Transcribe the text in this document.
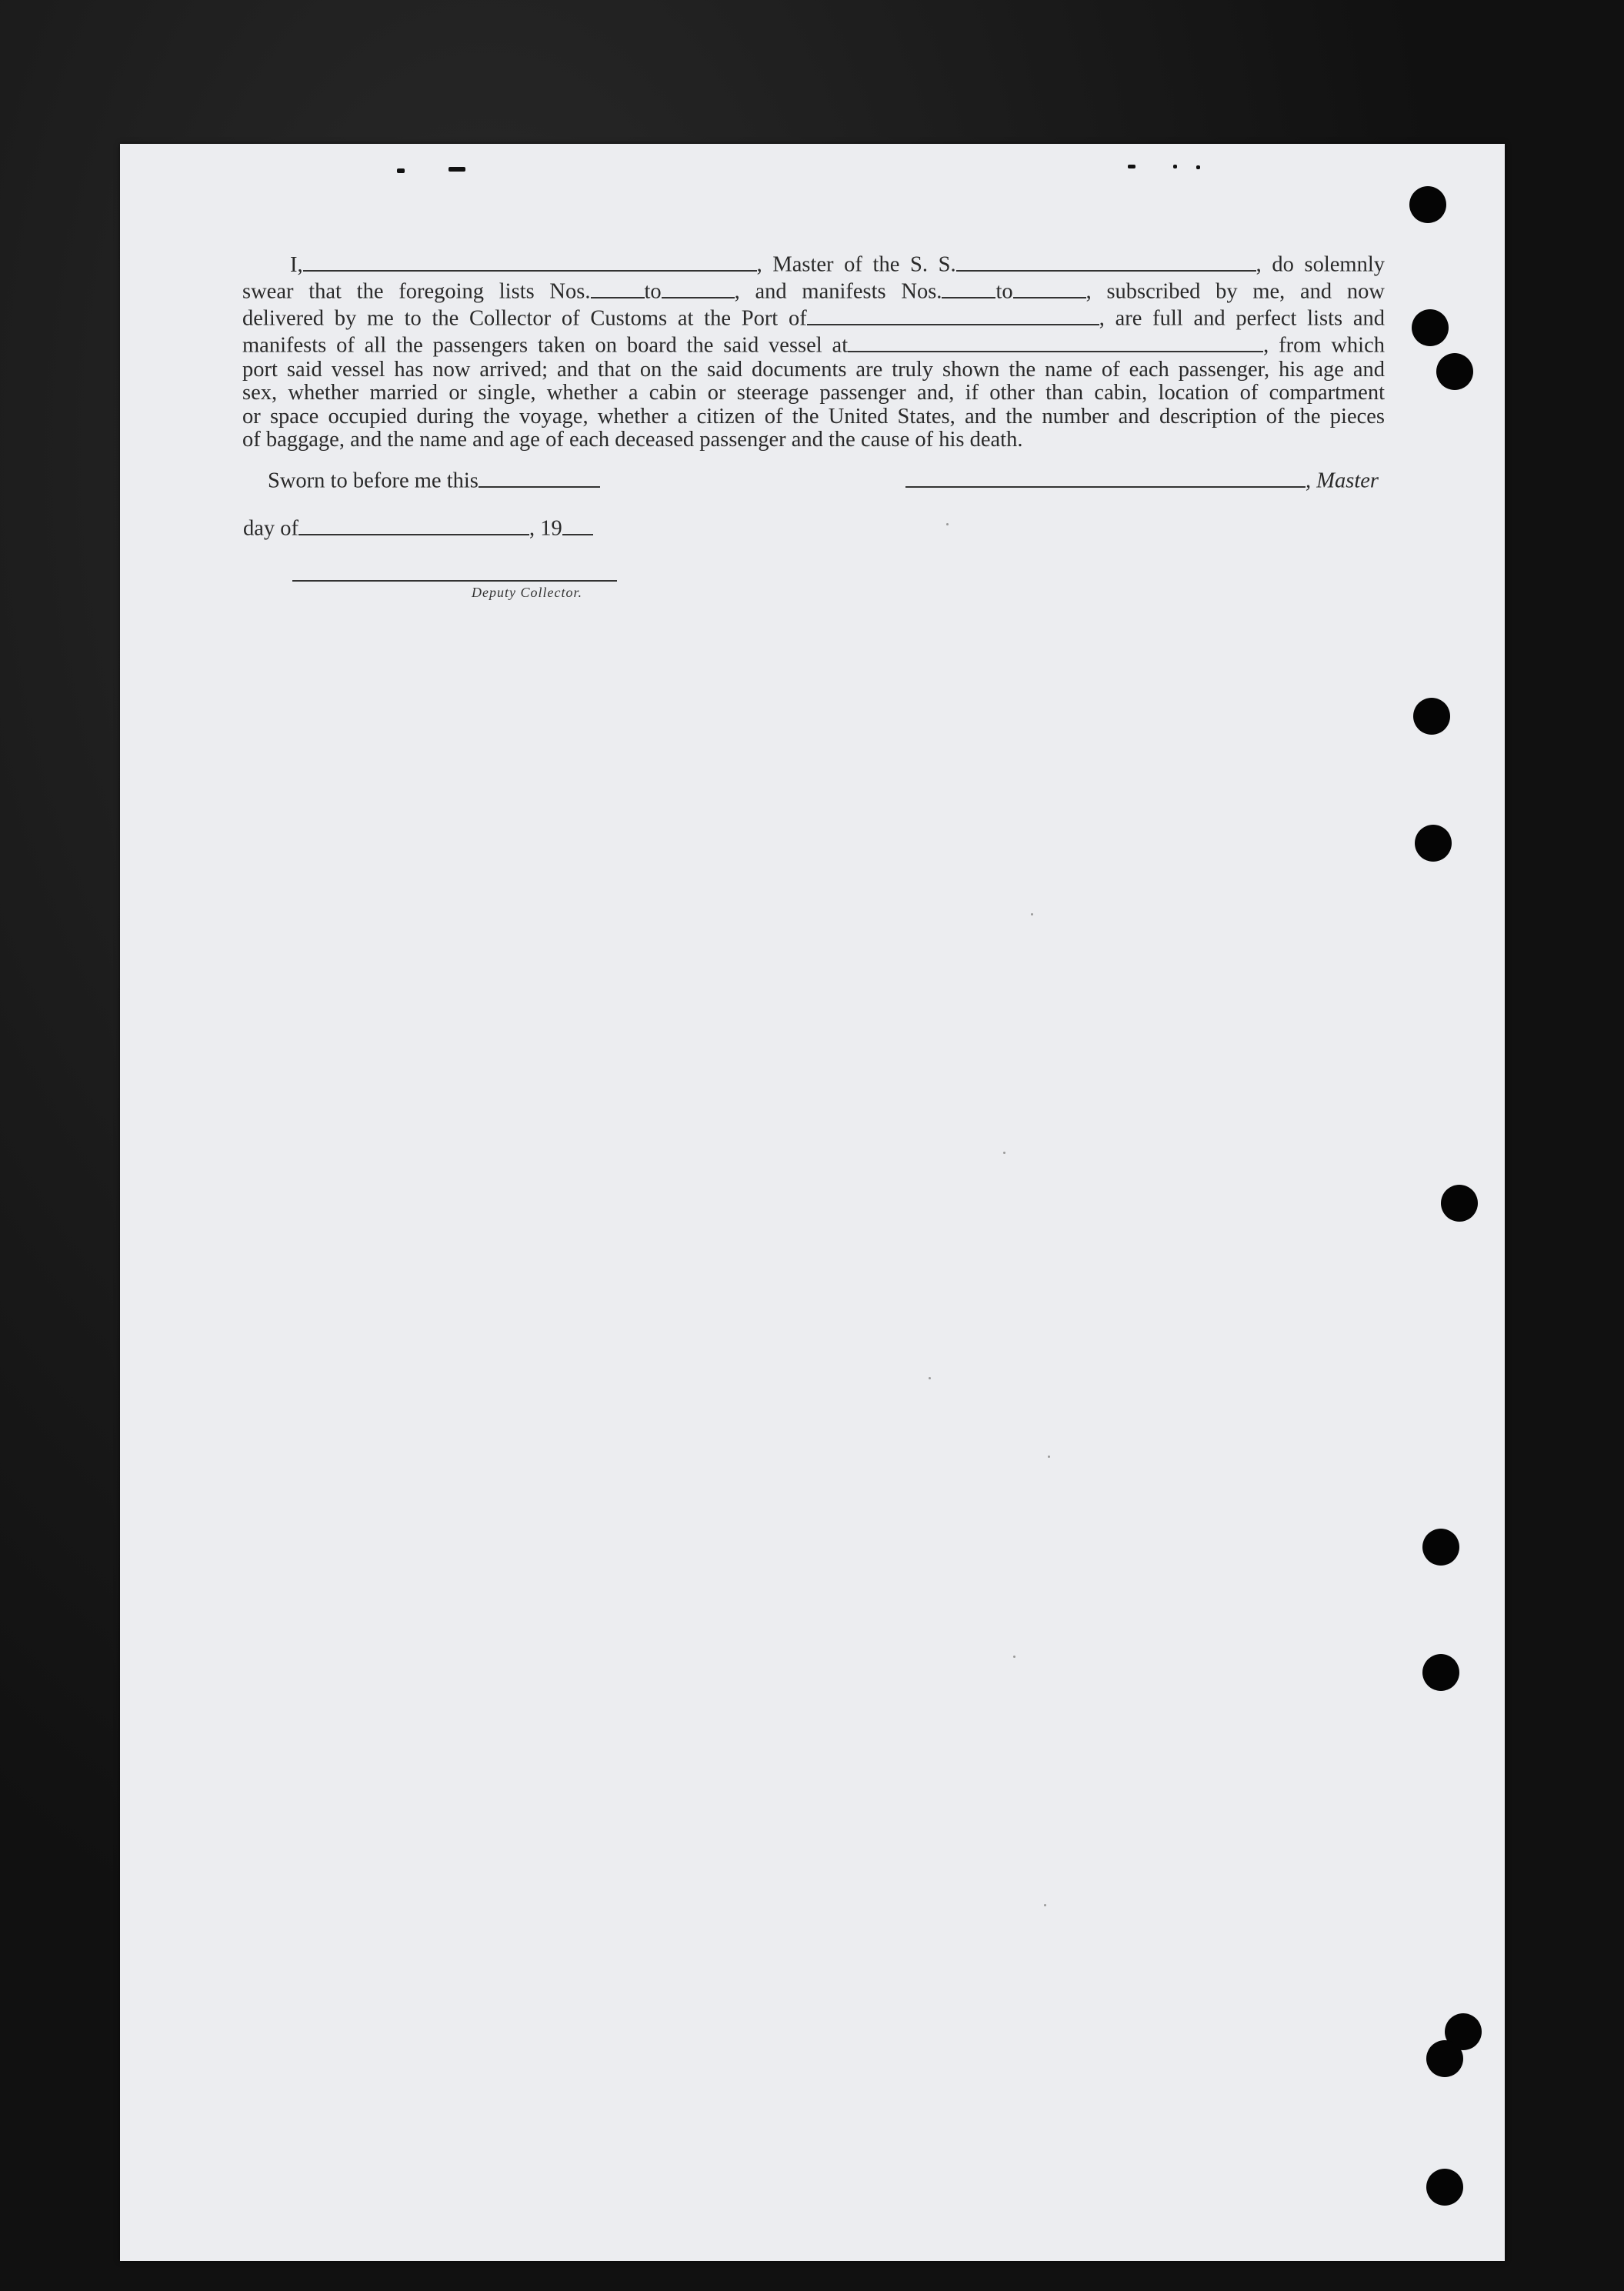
I,	, Master of the S. S.	, do solemnly
swear that the foregoing lists Nos. to	, and manifests Nos. to	, subscribed by me, and now
delivered by me to the Collector of Customs at the Port of	, are full and perfect lists and
manifests of all the passengers taken on board the said vessel at	, from which
port said vessel has now arrived; and that on the said documents are truly shown the name of each passenger, his age and
sex, whether married or single, whether a cabin or steerage passenger and, if other than cabin, location of compartment
or space occupied during the voyage, whether a citizen of the United States, and the number and description of the pieces
of baggage, and the name and age of each deceased passenger and the cause of his death.
Sworn to before me this	, Master
day of	, 19
Deputy Collector.
